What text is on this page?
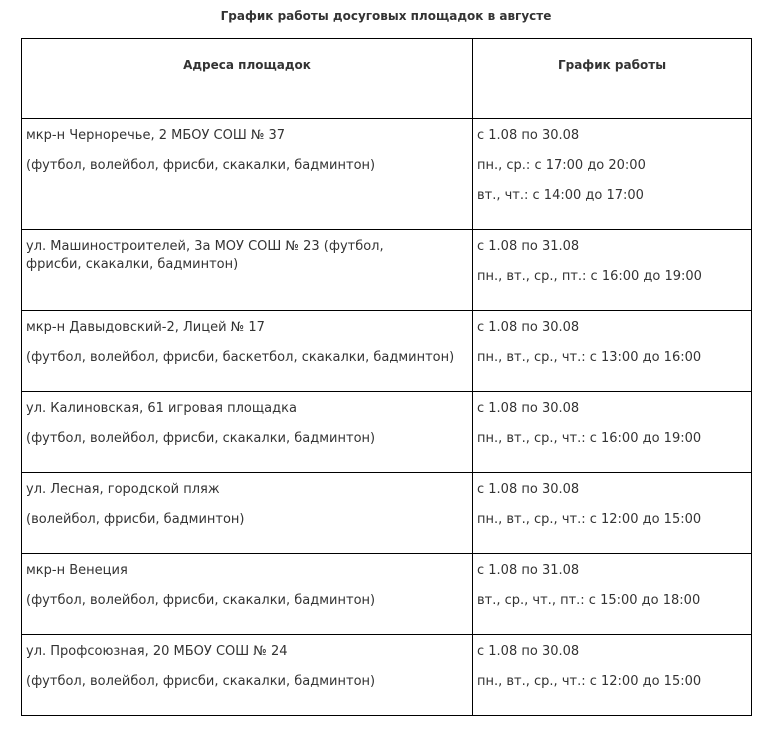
График работы досуговых площадок в августе
Адреса площадок	График работы

мкр-н Черноречье, 2 МБОУ СОШ № 37
(футбол, волейбол, фрисби, скакалки, бадминтон)	с 1.08 по 30.08
пн., ср.: с 17:00 до 20:00
вт., чт.: с 14:00 до 17:00

ул. Машиностроителей, 3а МОУ СОШ № 23 (футбол, фрисби, скакалки, бадминтон)	с 1.08 по 31.08
пн., вт., ср., пт.: с 16:00 до 19:00

мкр-н Давыдовский-2, Лицей № 17
(футбол, волейбол, фрисби, баскетбол, скакалки, бадминтон)	с 1.08 по 30.08
пн., вт., ср., чт.: с 13:00 до 16:00

ул. Калиновская, 61 игровая площадка
(футбол, волейбол, фрисби, скакалки, бадминтон)	с 1.08 по 30.08
пн., вт., ср., чт.: с 16:00 до 19:00

ул. Лесная, городской пляж
(волейбол, фрисби, бадминтон)	с 1.08 по 30.08
пн., вт., ср., чт.: с 12:00 до 15:00

мкр-н Венеция
(футбол, волейбол, фрисби, скакалки, бадминтон)	с 1.08 по 31.08
вт., ср., чт., пт.: с 15:00 до 18:00

ул. Профсоюзная, 20 МБОУ СОШ № 24
(футбол, волейбол, фрисби, скакалки, бадминтон)	с 1.08 по 30.08
пн., вт., ср., чт.: с 12:00 до 15:00
